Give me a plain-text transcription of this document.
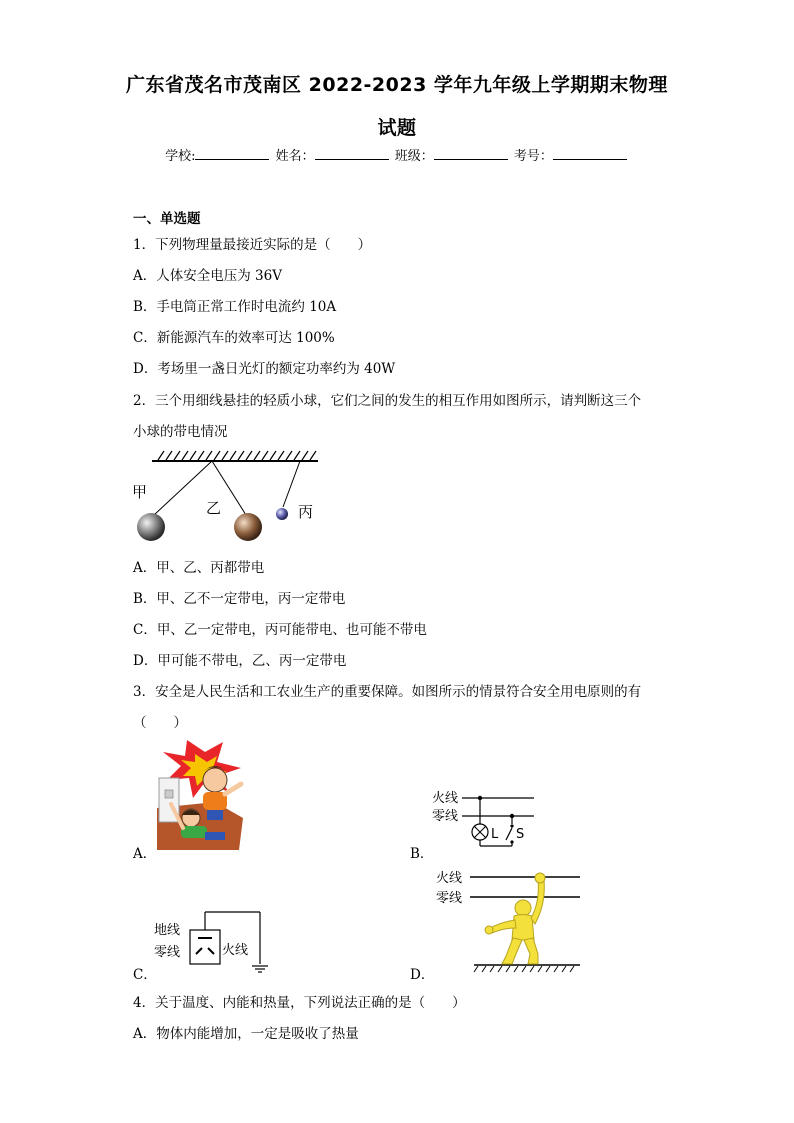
广东省茂名市茂南区 2022-2023 学年九年级上学期期末物理
试题
学校:	姓名：	班级：	考号：
一、单选题
1．下列物理量最接近实际的是（　　）
A．人体安全电压为 36V
B．手电筒正常工作时电流约 10A
C．新能源汽车的效率可达 100%
D．考场里一盏日光灯的额定功率约为 40W
2．三个用细线悬挂的轻质小球，它们之间的发生的相互作用如图所示，请判断这三个
小球的带电情况
甲
乙	丙
A．甲、乙、丙都带电
B．甲、乙不一定带电，丙一定带电
C．甲、乙一定带电，丙可能带电、也可能不带电
D．甲可能不带电，乙、丙一定带电
3．安全是人民生活和工农业生产的重要保障。如图所示的情景符合安全用电原则的有
（　　）
A．	B．
火线
零线
L S
C．
地线
零线	火线
D．
火线
零线
4．关于温度、内能和热量，下列说法正确的是（　　）
A．物体内能增加，一定是吸收了热量
